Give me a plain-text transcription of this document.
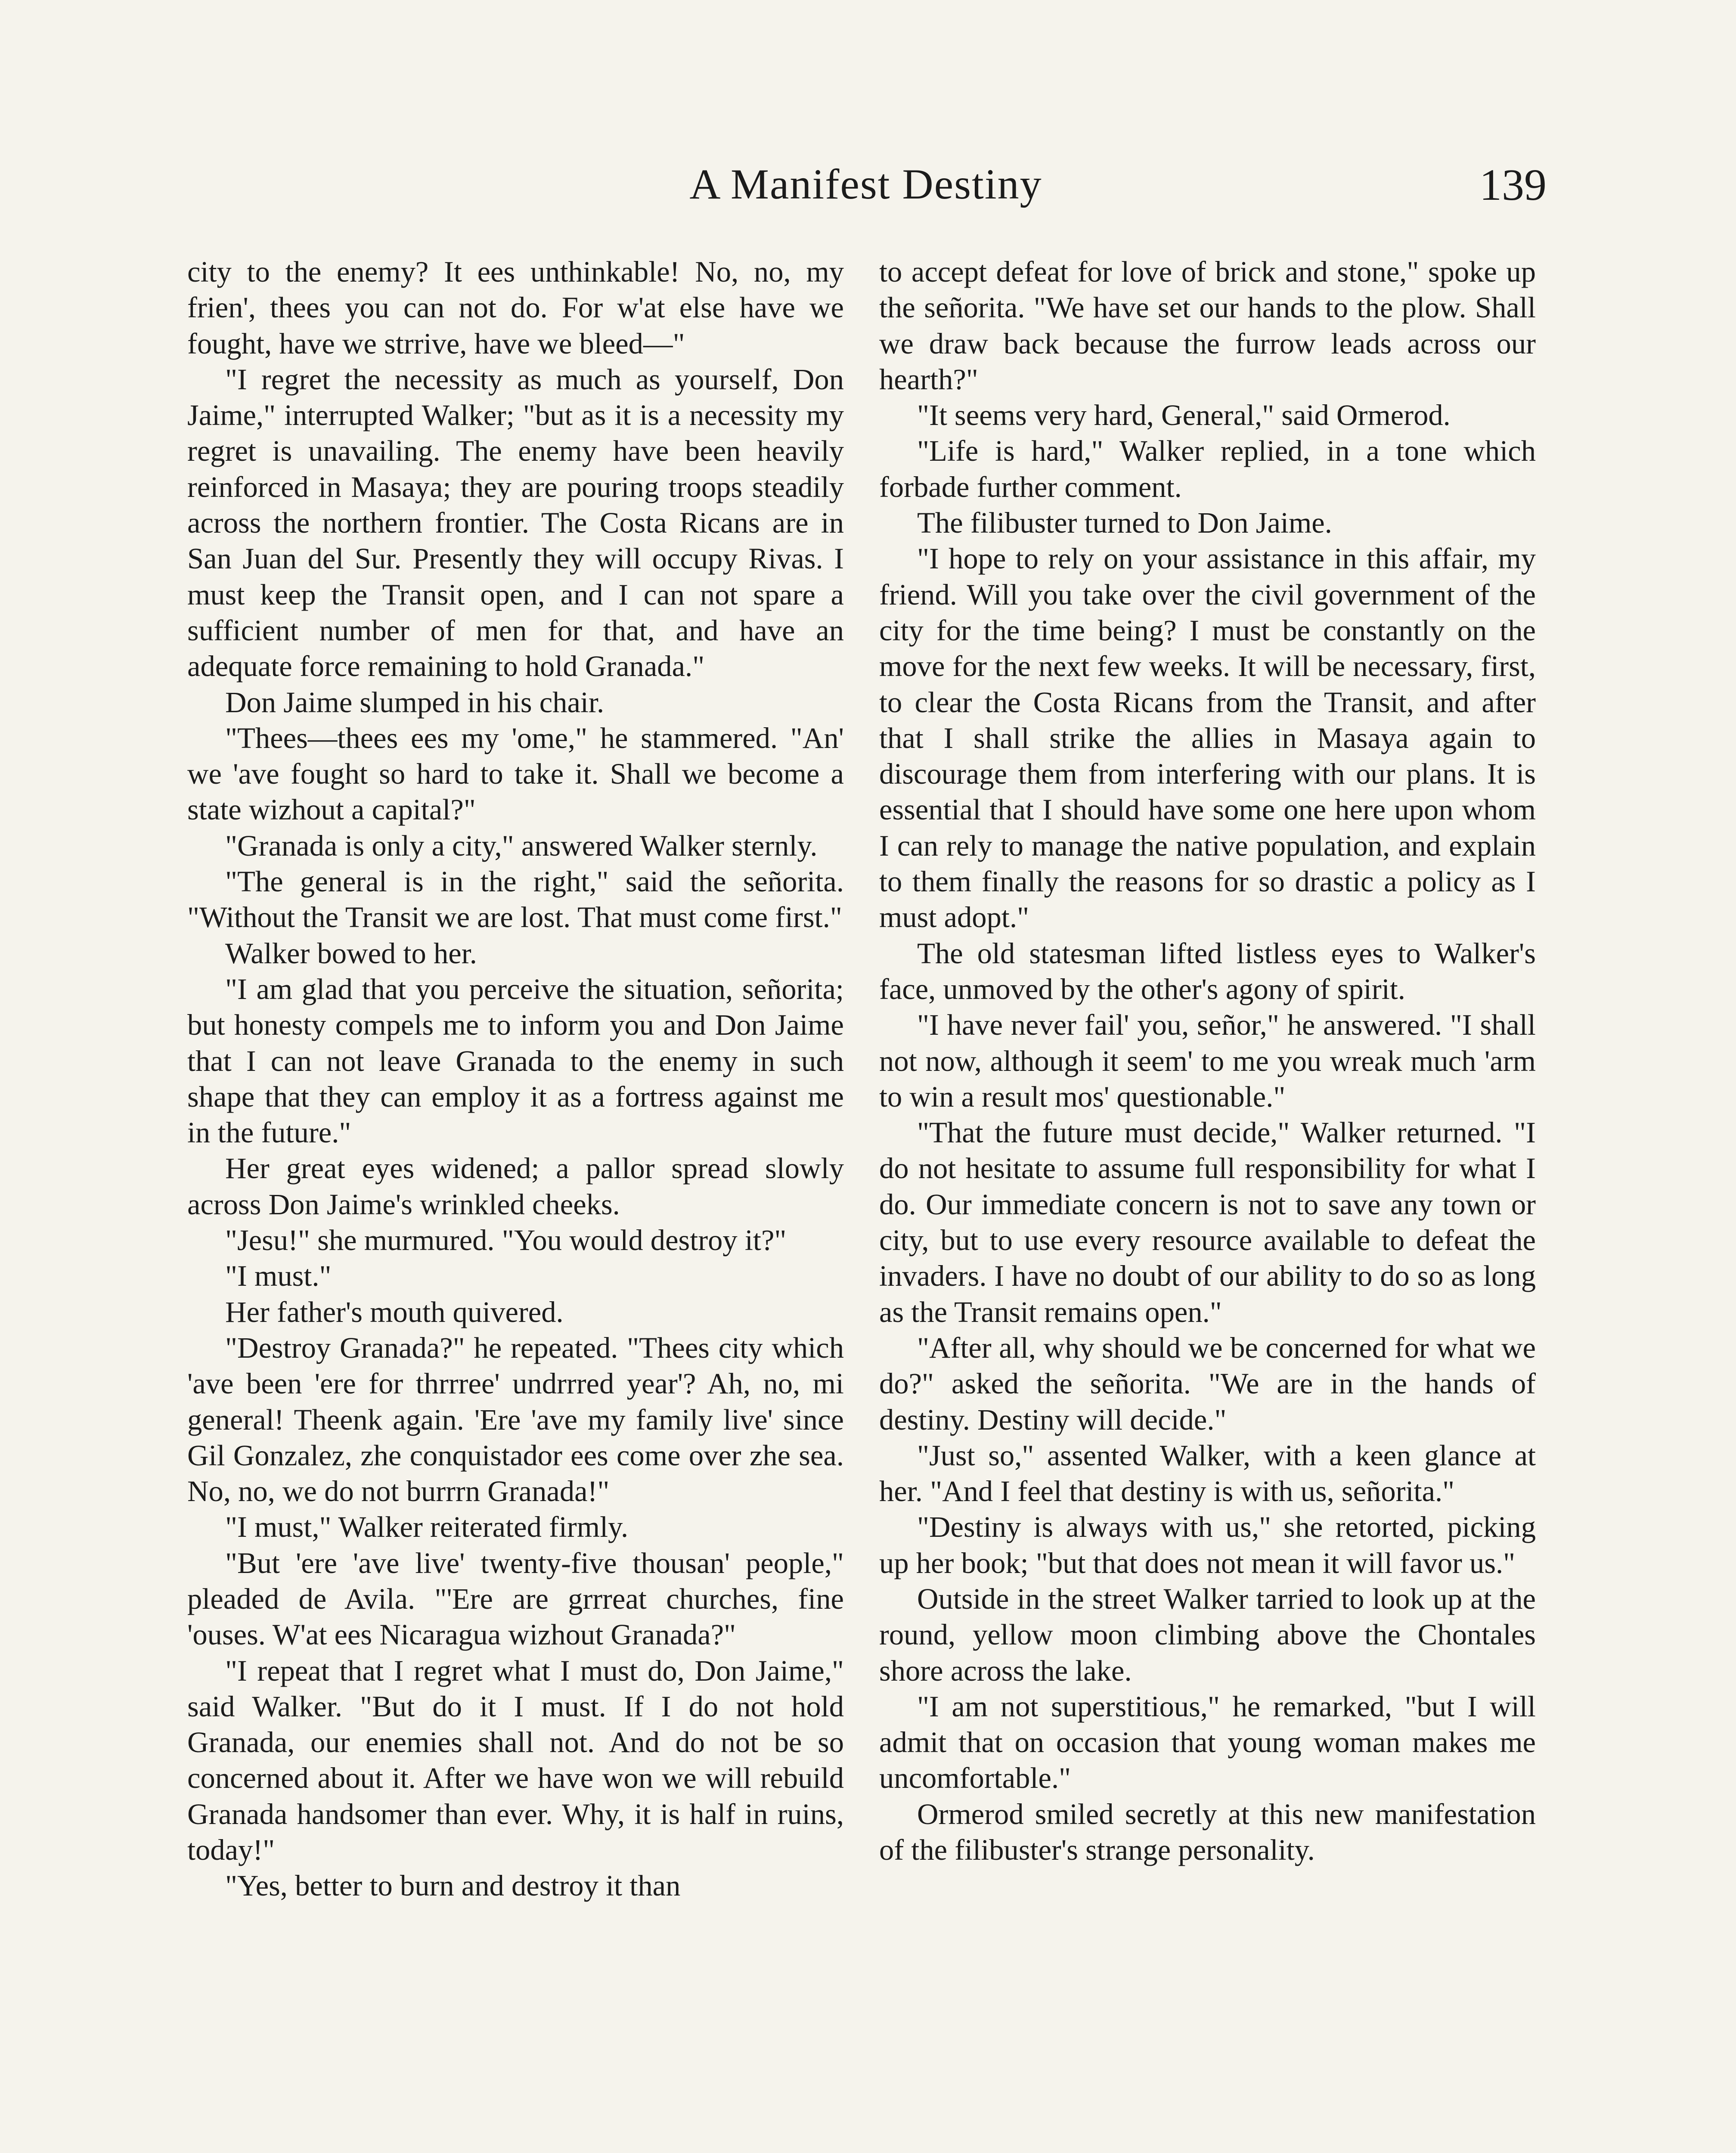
A Manifest Destiny	139

city to the enemy? It ees unthinkable! No, no, my frien', thees you can not do. For w'at else have we fought, have we strrive, have we bleed—"

"I regret the necessity as much as yourself, Don Jaime," interrupted Walker; "but as it is a necessity my regret is unavailing. The enemy have been heavily reinforced in Masaya; they are pouring troops steadily across the northern frontier. The Costa Ricans are in San Juan del Sur. Presently they will occupy Rivas. I must keep the Transit open, and I can not spare a sufficient number of men for that, and have an adequate force remaining to hold Granada."

Don Jaime slumped in his chair.

"Thees—thees ees my 'ome," he stammered. "An' we 'ave fought so hard to take it. Shall we become a state wizhout a capital?"

"Granada is only a city," answered Walker sternly.

"The general is in the right," said the señorita. "Without the Transit we are lost. That must come first."

Walker bowed to her.

"I am glad that you perceive the situation, señorita; but honesty compels me to inform you and Don Jaime that I can not leave Granada to the enemy in such shape that they can employ it as a fortress against me in the future."

Her great eyes widened; a pallor spread slowly across Don Jaime's wrinkled cheeks.

"Jesu!" she murmured. "You would destroy it?"

"I must."

Her father's mouth quivered.

"Destroy Granada?" he repeated. "Thees city which 'ave been 'ere for thrrree' undrrred year'? Ah, no, mi general! Theenk again. 'Ere 'ave my family live' since Gil Gonzalez, zhe conquistador ees come over zhe sea. No, no, we do not burrrn Granada!"

"I must," Walker reiterated firmly.

"But 'ere 'ave live' twenty-five thousan' people," pleaded de Avila. "'Ere are grrreat churches, fine 'ouses. W'at ees Nicaragua wizhout Granada?"

"I repeat that I regret what I must do, Don Jaime," said Walker. "But do it I must. If I do not hold Granada, our enemies shall not. And do not be so concerned about it. After we have won we will rebuild Granada handsomer than ever. Why, it is half in ruins, today!"

"Yes, better to burn and destroy it than

to accept defeat for love of brick and stone," spoke up the señorita. "We have set our hands to the plow. Shall we draw back because the furrow leads across our hearth?"

"It seems very hard, General," said Ormerod.

"Life is hard," Walker replied, in a tone which forbade further comment.

The filibuster turned to Don Jaime.

"I hope to rely on your assistance in this affair, my friend. Will you take over the civil government of the city for the time being? I must be constantly on the move for the next few weeks. It will be necessary, first, to clear the Costa Ricans from the Transit, and after that I shall strike the allies in Masaya again to discourage them from interfering with our plans. It is essential that I should have some one here upon whom I can rely to manage the native population, and explain to them finally the reasons for so drastic a policy as I must adopt."

The old statesman lifted listless eyes to Walker's face, unmoved by the other's agony of spirit.

"I have never fail' you, señor," he answered. "I shall not now, although it seem' to me you wreak much 'arm to win a result mos' questionable."

"That the future must decide," Walker returned. "I do not hesitate to assume full responsibility for what I do. Our immediate concern is not to save any town or city, but to use every resource available to defeat the invaders. I have no doubt of our ability to do so as long as the Transit remains open."

"After all, why should we be concerned for what we do?" asked the señorita. "We are in the hands of destiny. Destiny will decide."

"Just so," assented Walker, with a keen glance at her. "And I feel that destiny is with us, señorita."

"Destiny is always with us," she retorted, picking up her book; "but that does not mean it will favor us."

Outside in the street Walker tarried to look up at the round, yellow moon climbing above the Chontales shore across the lake.

"I am not superstitious," he remarked, "but I will admit that on occasion that young woman makes me uncomfortable."

Ormerod smiled secretly at this new manifestation of the filibuster's strange personality.
